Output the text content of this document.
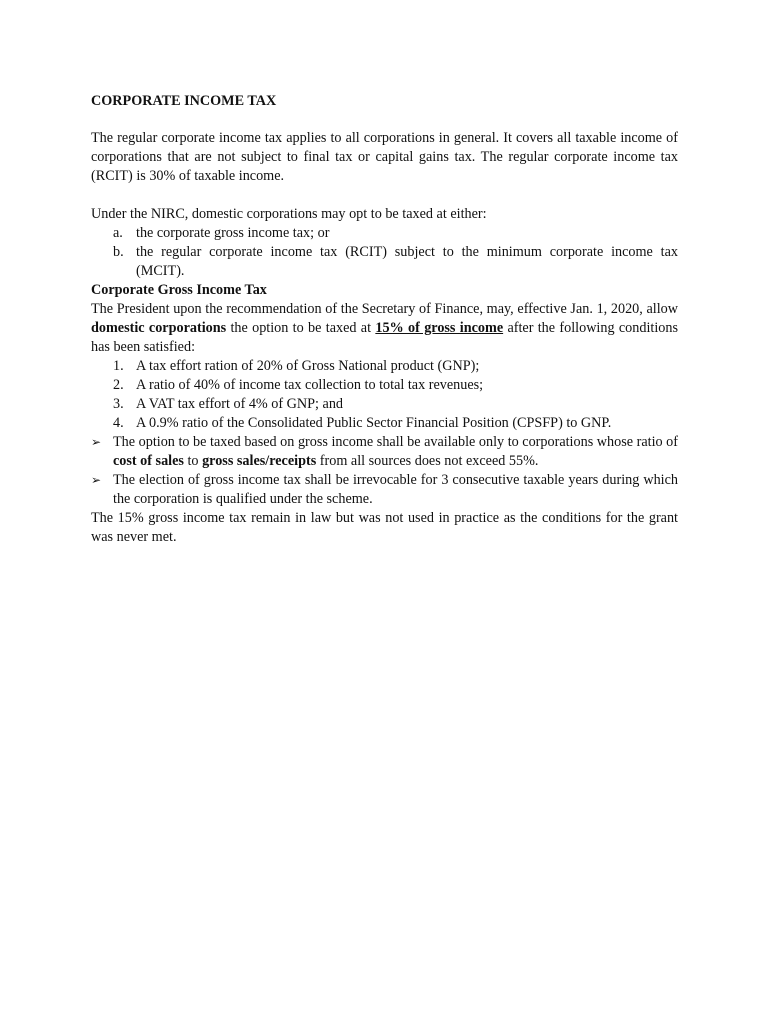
CORPORATE INCOME TAX

The regular corporate income tax applies to all corporations in general. It covers all taxable income of corporations that are not subject to final tax or capital gains tax. The regular corporate income tax (RCIT) is 30% of taxable income.

Under the NIRC, domestic corporations may opt to be taxed at either:

a. the corporate gross income tax; or
b. the regular corporate income tax (RCIT) subject to the minimum corporate income tax (MCIT).

Corporate Gross Income Tax

The President upon the recommendation of the Secretary of Finance, may, effective Jan. 1, 2020, allow domestic corporations the option to be taxed at 15% of gross income after the following conditions has been satisfied:

1. A tax effort ration of 20% of Gross National product (GNP);
2. A ratio of 40% of income tax collection to total tax revenues;
3. A VAT tax effort of 4% of GNP; and
4. A 0.9% ratio of the Consolidated Public Sector Financial Position (CPSFP) to GNP.
➢ The option to be taxed based on gross income shall be available only to corporations whose ratio of cost of sales to gross sales/receipts from all sources does not exceed 55%.
➢ The election of gross income tax shall be irrevocable for 3 consecutive taxable years during which the corporation is qualified under the scheme.

The 15% gross income tax remain in law but was not used in practice as the conditions for the grant was never met.
